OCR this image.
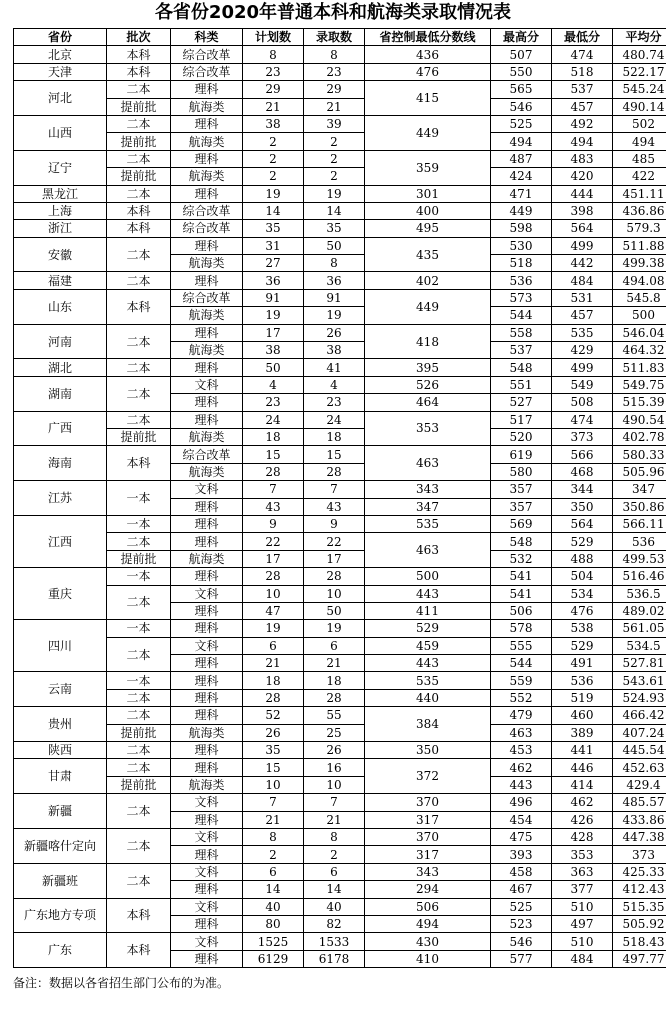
各省份2020年普通本科和航海类录取情况表
省份	批次	科类	计划数	录取数	省控制最低分数线	最高分	最低分	平均分
北京	本科	综合改革	8	8	436	507	474	480.74
天津	本科	综合改革	23	23	476	550	518	522.17
河北	二本	理科	29	29	415	565	537	545.24
	提前批	航海类	21	21		546	457	490.14
山西	二本	理科	38	39	449	525	492	502
	提前批	航海类	2	2		494	494	494
辽宁	二本	理科	2	2	359	487	483	485
	提前批	航海类	2	2		424	420	422
黑龙江	二本	理科	19	19	301	471	444	451.11
上海	本科	综合改革	14	14	400	449	398	436.86
浙江	本科	综合改革	35	35	495	598	564	579.3
安徽	二本	理科	31	50	435	530	499	511.88
		航海类	27	8		518	442	499.38
福建	二本	理科	36	36	402	536	484	494.08
山东	本科	综合改革	91	91	449	573	531	545.8
		航海类	19	19		544	457	500
河南	二本	理科	17	26	418	558	535	546.04
		航海类	38	38		537	429	464.32
湖北	二本	理科	50	41	395	548	499	511.83
湖南	二本	文科	4	4	526	551	549	549.75
		理科	23	23	464	527	508	515.39
广西	二本	理科	24	24	353	517	474	490.54
	提前批	航海类	18	18		520	373	402.78
海南	本科	综合改革	15	15	463	619	566	580.33
		航海类	28	28		580	468	505.96
江苏	一本	文科	7	7	343	357	344	347
		理科	43	43	347	357	350	350.86
江西	一本	理科	9	9	535	569	564	566.11
	二本	理科	22	22	463	548	529	536
	提前批	航海类	17	17		532	488	499.53
重庆	一本	理科	28	28	500	541	504	516.46
	二本	文科	10	10	443	541	534	536.5
		理科	47	50	411	506	476	489.02
四川	一本	理科	19	19	529	578	538	561.05
	二本	文科	6	6	459	555	529	534.5
		理科	21	21	443	544	491	527.81
云南	一本	理科	18	18	535	559	536	543.61
	二本	理科	28	28	440	552	519	524.93
贵州	二本	理科	52	55	384	479	460	466.42
	提前批	航海类	26	25		463	389	407.24
陕西	二本	理科	35	26	350	453	441	445.54
甘肃	二本	理科	15	16	372	462	446	452.63
	提前批	航海类	10	10		443	414	429.4
新疆	二本	文科	7	7	370	496	462	485.57
		理科	21	21	317	454	426	433.86
新疆喀什定向	二本	文科	8	8	370	475	428	447.38
		理科	2	2	317	393	353	373
新疆班	二本	文科	6	6	343	458	363	425.33
		理科	14	14	294	467	377	412.43
广东地方专项	本科	文科	40	40	506	525	510	515.35
		理科	80	82	494	523	497	505.92
广东	本科	文科	1525	1533	430	546	510	518.43
		理科	6129	6178	410	577	484	497.77
备注：数据以各省招生部门公布的为准。
